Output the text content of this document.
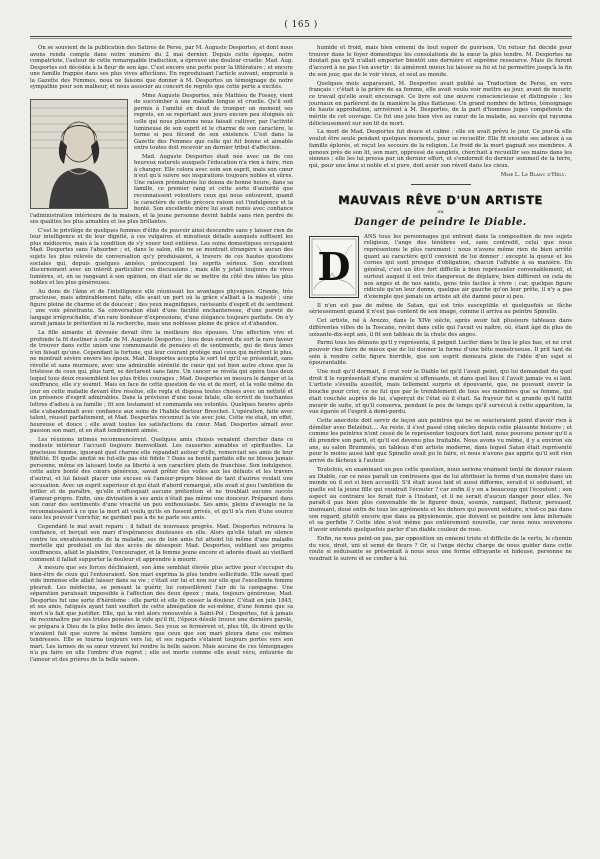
( 165 )

On se souvient de la publication des Satires de Perse, par M. Auguste Desportes, et dont nous avons rendu compte dans notre numéro du 2 mai dernier. Depuis cette époque, notre compatriote, l'auteur de cette remarquable traduction, a éprouvé une douleur cruelle: Mad. Aug. Desportes est décédée à la fleur de son âge. C'est encore une perte pour la littérature ; et encore une famille frappée dans ses plus vives affections. En reproduisant l'article suivant, emprunté à la Gazette des Femmes, nous ne faisons que donner à M. Desportes un témoignage de notre sympathie pour son malheur, et nous associer au concert de regrets que cette perte a excités.

Mme Auguste Desportes, née Mathieu de Fossey, vient de succomber à une maladie longue et cruelle. Qu'il soit permis à l'amitié en deuil de tromper un moment ses regrets, en se reportant aux jours encore peu éloignés où celle qui nous pleurons nous faisait cultiver, par l'activité lumineuse de son esprit et le charme de son caractère, le terme si peu fécond de son existence. C'est dans la Gazette des Femmes que celle qui fut bonne et aimable entre toutes doit recevoir un dernier tribut d'affection.

Mad. Auguste Desportes était née avec un de ces heureux naturels auxquels l'éducation n'a rien à faire, rien à changer. Elle colora avec soin son esprit, mais son cœur n'eut qu'à suivre ses inspirations toujours nobles et sûres. Une raison prématurée lui donna de bonne heure, dans sa famille, ce premier rang et cette sorte d'autorité que reconnaissent volontiers ceux qui nous entourent, quand le caractère de cette précoce raison est l'indulgence et la bonté. Son excellente mère lui avait remis avec confiance l'administration intérieure de la maison, et la jeune personne devint habile sans rien perdre de ses qualités les plus aimables et les plus brillantes.

C'est le privilège de quelques femmes d'élite de pouvoir ainsi descendre sans y laisser rien de leur intelligence et de leur dignité, à ces vulgaires et minutieux détails auxquels suffisent les plus médiocres, mais à la condition de s'y vouer tout entières. Les soins domestiques occupaient Mad. Desportes sans l'absorber ; et, dans le salon, elle ne se montrait étrangère à aucun des sujets les plus relevés de conversation qu'y produisaient, à travers de ces hautes questions sociales qui, depuis quelques années, préoccupent les esprits sérieux. Son excellent discernement avec un intérêt particulier ces discussions ; mais elle y jetait toujours de vives lumières, et, en se rangeant à son opinion, on était sûr de se mettre du côté des idées les plus nobles et les plus généreuses.

Au dons de l'âme et de l'intelligence elle réunissait les avantages physiques. Grande, très gracieuse, mais admirablement faite, elle avait un port où la grâce s'alliait à la majesté ; une figure pleine de charme et de douceur ; des yeux magnifiques, ravissants d'esprit et de sentiment ; une voix pénétrante. Sa conversation était d'une facilité enchanteresse, d'une pureté de langage irréprochable, d'un rare bonheur d'expressions, d'une élégance toujours parfaite. On n'y aurait jamais le prétention ni la recherche, mais une noblesse pleine de grâce et d'abandon.

La fille aimante et dévouée devait être la meilleure des épouses. Une affection vive et profonde la fit destiner à celle de M. Auguste Desportes ; tous deux eurent du sort la rare faveur de trouver dans cette union une communauté de pensées et de sentiments, qui de deux âmes n'en faisait qu'une. Cependant la fortune, qui leur courant protège mal ceux qui méritent le plus, ne montrait sévère envers les époux. Mad. Desportes accepta le sort tel qu'il se présentait, sans révolte et sans murmure, avec une admirable sérénité de cœur qui est bien autre chose que la tristesse de ceux qui, plus tard, se déclarent sans faire. Un cancer se révéla qui opéra tous deux lequel tous deux ressemblent les plus frêles courages ; Mad. Desportes en mesura le danger et la souffrance, elle s'y soumit. Mais en face de cette question de vie et de mort, et la voile même du jour en cette maladie devant être résolue, elle regla et disposa toutes choses avec un netteté et un présence d'esprit admirables. Dans la prévision d'une issue fatale, elle écrivit de touchantes lettres d'adieu à sa famille ; fit son testament et commanda ses volontés. Quelques heures après elle s'abandonnait avec confiance aux soins de l'habile docteur Breschet. L'opération, faite avec talent, réussit parfaitement, et Mad. Desportes reconnut la vie avec joie. Cette vie était, on effet, heureuse et douce ; elle avait toutes les satisfactions du cœur. Mad. Desportes aimait avec passion son mari, et en était tendrement aimée.

Les réunions intimes recommencèrent. Quelques amis choisis venaient chercher dans ce modeste intérieur l'accueil toujours bienveillant. Les causeries aimables et spirituelles. La gracieuse femme, ignorant quel charme elle répandait autour d'elle, remerciait ses amis de leur fidélité. Et quelle amitié ne fut-elle pas été fidèle ? Dans sa bonté parfaite elle ne blessa jamais personne, même en laissant toute sa liberté à son caractère plein de franchise. Son indulgence, cette autre bonté des cœurs généreux, savait prêter des voiles aux les défauts et les travers d'autrui, et lui faisait placer une excuse où l'amour-propre blessé de tant d'autres voulait une accusation. Avec un esprit supérieur et qui était d'abord remarqué, elle avait si peu l'ambition de briller et de paraître, qu'elle n'offusquait aucune prétention et ne troublait aucune succès d'amour-propre. Enfin, une divination à ses amis n'était pas même une douceur. Préparant dans son cœur des sentiments d'une vivacité un peu enthousiaste. Ses amis, pleins d'aveugle ne la reconnaissaient à ce que la mort ait voulu qu'ils en fussent privés, et qu'il n'a rien d'une source sans les pouvoir l'enrichir, ne gardant pas à de ne parle ses amis.

Cependant le mal avait reparu : il fallait de nouveaux progrès. Mad. Desportes retrouva la confiance, et berçait son mari d'espérances douteuses en elle. Alors qu'elle lutait en silence contre les envahissements de la maladie, ses de loin amis fut atteint lui même d'une maladie mortelle qui produisit en lui des accès de désespoir. Mad. Desportes, oubliant ses propres souffrances, allait le plaindre, l'encourager, et la femme jeune encore et adorée disait au vieillard comment il fallait supporter la douleur et apprendre à mourir.

A mesure que ses forces déclinaient, son âme semblait élevée plus active pour s'occuper du bien-être de ceux qui l'entouraient. Son mari exprima la plus tendre sollicitude. Elle savait quel vide immense elle allait laisser dans sa vie ; c'était sur lui et non sur elle que l'excellente femme pleurait. Les médecins, se pensant la guérir, lui conseillèrent l'air de la campagne. Une séparation paraissait impossible à l'affection des deux époux ; mais, toujours généreuse, Mad. Desportes fut une sorte d'héroïsme : elle partit et elle fit cesser la douleur. C'était en juin 1845, et ses amis, fatigués ayant tant souffert de cette abnégation de soi-même, d'une femme que sa mort n'a fait que justifier. Elle, qui la vint alors renouvelée à Saint-Pol ; Desportes, fut à jamais de reconnaître par ses tristes pensées le vide qu'il fit, l'époux désolé trouve une dernière parole, se prépara à Dieu de la plus belle des âmes. Ses yeux se fermèrent et, plus tôt, ils dirent qu'ils n'avaient fait que suivre la même lumière que ceux que son mari pleura dans ces mêmes tendresses. Elle se tourna toujours vers lui, et ses regards s'étaient toujours portés vers son mari. Les larmes de sa sœur vinrent lui rendre la belle saison. Mais aucune de ces témoignages n'a pu faire en elle l'ombre d'un regret ; elle est morte comme elle avait vécu, entourée de l'amour et des prières de la belle saison.

humide et froid, mais bien ennemi de tout espoir de guérison. Un retour fut décidé pour trouver dans le foyer domestique les consolations de la sœur la plus tendre. M. Desportes ne doutait pas qu'il n'allait emporter bientôt une dernière et suprême ressource. Mais ils furent d'accord à ne pas l'en avertir : ils aimèrent mieux lui laisser sa foi et lui permettre jusqu'à la fin de son jour, que de le voir vieux, et seul au monde.

Quelques mois auparavant, M. Desportes avait publié sa Traduction de Perse, en vers français : c'était à la prière de sa femme, elle avait voulu voir mettre au jour, avant de mourir, ce travail qu'elle avait encouragé. Ce livre est une œuvre consciencieuse et distinguée ; les journaux en parlèrent de la manière la plus flatteuse. Un grand nombre de lettres, témoignage de haute approbation, arrivèrent à M. Desportes, de la part d'hommes juges compétents du mérite de cet ouvrage. Ce fut une joie bien vive au cœur de la malade, au succès qui rayonna délicieusement sur son lit de mort.

La mort de Mad. Desportes fut douce et calme ; elle en avait prévu le jour. Ce jour-là elle voulut être seule pendant quelques moments, pour se recueillir. Elle fit ensuite ses adieux à sa famille éplorée, et reçut les secours de la religion. Le froid de la mort gagnait ses membres. A genoux près de son lit, son mari, oppressé de sanglots, cherchait à recueillir ses mains dans les siennes ; elle les lui pressa par un dernier effort, et s'endormit du dernier sommeil de la terre, qui, pour une âme si noble et si pure, doit avoir son réveil dans les cieux.

Mme L. Le Blanc d'Hély.
MAUVAIS RÊVE D'UN ARTISTE
ou
Danger de peindre le Diable.
D

ANS tous les personnages qui entrent dans la composition de nos sujets religieux, l'ange des ténèbres est, sans contredit, celui que nous représentons le plus rarement ; nous n'avons même rien de bien arrêté quant au caractère qu'il convient de lui donner : excepté la queue et les cornes qui sont presque d'obligation, chacun l'affuble à sa manière. En général, c'est un être fort difficile à bien représenter convenablement, et surtout auquel il est très dangereux de déplaire, bien différent en cela de nos anges et de nos saints, gens très faciles à vivre ; car, quelque figure ridicule qu'on leur donne, quelque air gauche qu'on leur prête, il n'y a pas d'exemple que jamais un artiste ait été damné pour si peu.

Il n'en est pas de même de Satan, qui est très susceptible et quelquefois se fâche sérieusement quand il n'est pas content de son image, comme il arriva au peintre Spinello.

Cet artiste, né à Arezzo, dans le XIVe siècle, après avoir fait plusieurs tableaux dans différentes villes de la Toscane, revint dans celle qui l'avait vu naître, où, étant âgé de plus de soixante-dix-sept ans, il fit son tableau de la chute des anges.

Parmi tous les démons qu'il y représenta, il peignit Lucifer dans le lieu le plus bas, et ne crut pouvoir rien faire de mieux que de lui donner la forme d'une bête monstrueuse. Il prit tant de soin à rendre cette figure horrible, que son esprit demeura plein de l'idée d'un sujet si épouvantable.

Une nuit qu'il dormait, il crut voir le Diable tel qu'il l'avait peint, qui lui demandait du quel droit il le représentait d'une manière si offensante, et dans quel lieu il l'avait jamais vu si laid. L'artiste s'éveilla aussitôt, mais tellement surpris et épouvanté, que, ne pouvant ouvrir la bouche pour crier, ce ne fut que par le tremblement de tous ses membres que sa femme, qui était couchée auprès de lui, s'aperçut de l'état où il était. Sa frayeur fut si grande qu'il faillit mourir de suite, et qu'il conserva, pendant le peu de temps qu'il survécut à cette apparition, la vue égarée et l'esprit à demi-perdu.

Cette anecdote doit servir de leçon aux peintres qui ne se soucieraient point d'avoir rien à démêler avec Belzébut.... Au reste, il s'est passé cinq siècles depuis cette plaisante histoire ; et comme les peintres n'ont cessé de le représenter toujours fort laid, nous pouvons penser qu'il a dû prendre son parti, et qu'il est devenu plus traitable. Nous avons vu même, il y a environ six ans, au salon Brummès, un tableau d'un artiste moderne, dans lequel Satan était représenté pour le moins aussi laid que Spinello avait pu le faire, et nous n'avons pas appris qu'il soit rien arrivé de fâcheux à l'auteur.

Toutefois, en examinant un peu cette question, nous serions vraiment tenté de donner raison au Diable, car ce nous paraît un contresens que de lui attribuer la forme d'un monstre dans un monde où il est si bien accueilli. S'il était aussi laid et aussi difforme, serait-il si séduisant, et quelle est la jeune fille qui voudrait l'écouter ? car enfin il y en a beaucoup qui l'écoutent ; son aspect au contraire les ferait fuir à l'instant, et il ne serait d'aucun danger pour elles. Ne paraît-il pas bien plus convenable de le figurer doux, soumis, rampant, flatteur, persuasif, insinuant, doué enfin de tous les agréments et les dehors qui peuvent séduire, n'est-ce pas dans son regard, plutôt encore que dans sa physionomie, que doivent se peindre son âme infernale et sa perfidie ? Cette idée n'est même pas entièrement nouvelle, car nous nous souvenons d'avoir entendu quelquefois parler d'un diable couleur de rose.

Enfin, ne nous peint-on pas, par opposition un ennemi triste et difficile de la vertu, le chemin du vice, droit, uni et semé de fleurs ? Or, si l'ange déchu charge de nous guider dans cette route si séduisante se présentait à nous sous une forme effrayante et hideuse, personne ne voudrait le suivre et se confier à lui.
